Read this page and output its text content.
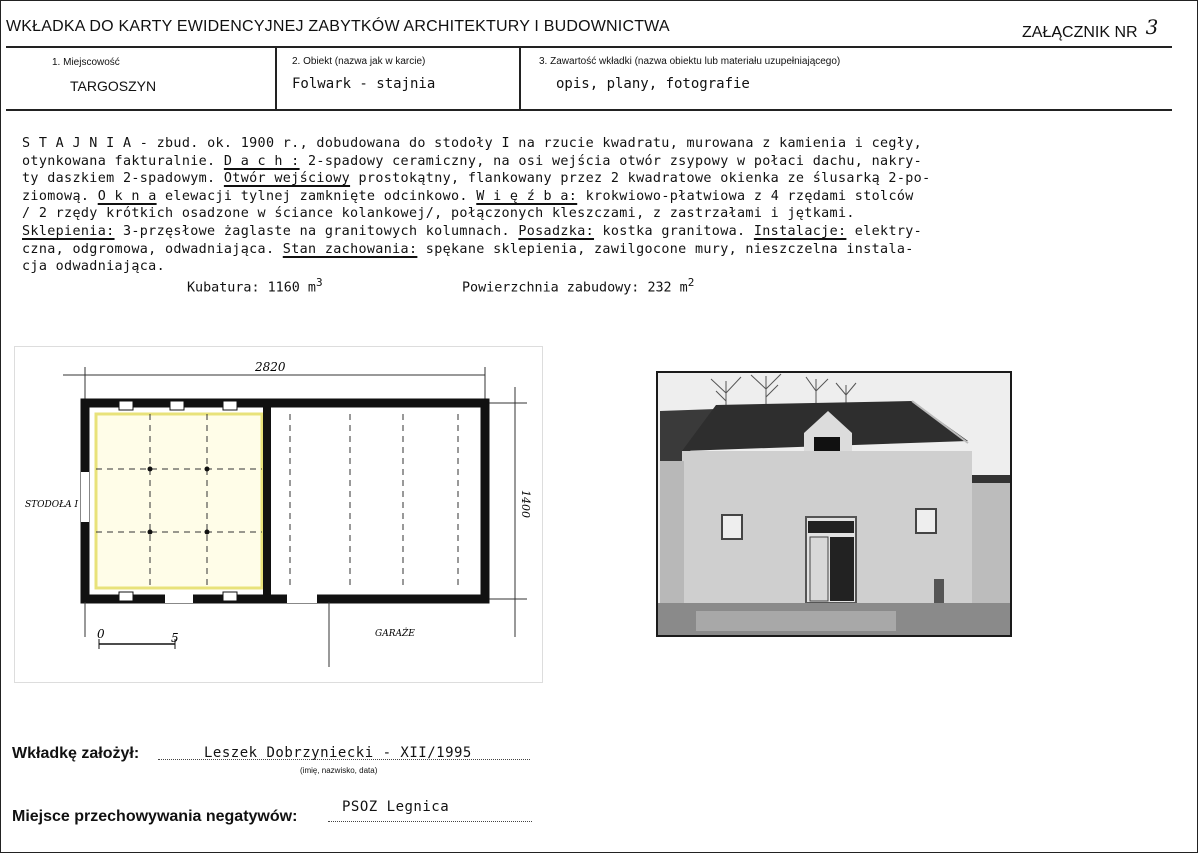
WKŁADKA DO KARTY EWIDENCYJNEJ ZABYTKÓW ARCHITEKTURY I BUDOWNICTWA	ZAŁĄCZNIK NR 3
1. Miejscowość
TARGOSZYN
2. Obiekt (nazwa jak w karcie)
Folwark - stajnia
3. Zawartość wkładki (nazwa obiektu lub materiału uzupełniającego)
opis, plany, fotografie
S T A J N I A - zbud. ok. 1900 r., dobudowana do stodoły I na rzucie kwadratu, murowana z kamienia i cegły,
otynkowana fakturalnie. D a c h : 2-spadowy ceramiczny, na osi wejścia otwór zsypowy w połaci dachu, nakry-
ty daszkiem 2-spadowym. Otwór wejściowy prostokątny, flankowany przez 2 kwadratowe okienka ze ślusarką 2-po-
ziomową. O k n a elewacji tylnej zamknięte odcinkowo. W i ę ź b a: krokwiowo-płatwiowa z 4 rzędami stolców
/ 2 rzędy krótkich osadzone w ściance kolankowej/, połączonych kleszczami, z zastrzałami i jętkami.
Sklepienia: 3-przęsłowe żaglaste na granitowych kolumnach. Posadzka: kostka granitowa. Instalacje: elektry-
czna, odgromowa, odwadniająca. Stan zachowania: spękane sklepienia, zawilgocone mury, nieszczelna instala-
cja odwadniająca.
Kubatura: 1160 $m^3$	Powierzchnia zabudowy: 232 $m^2$
2820
1400
STODOŁA I
GARAŻE
0	5
Wkładkę założył:	Leszek Dobrzyniecki - XII/1995
(imię, nazwisko, data)
Miejsce przechowywania negatywów:
PSOZ Legnica
